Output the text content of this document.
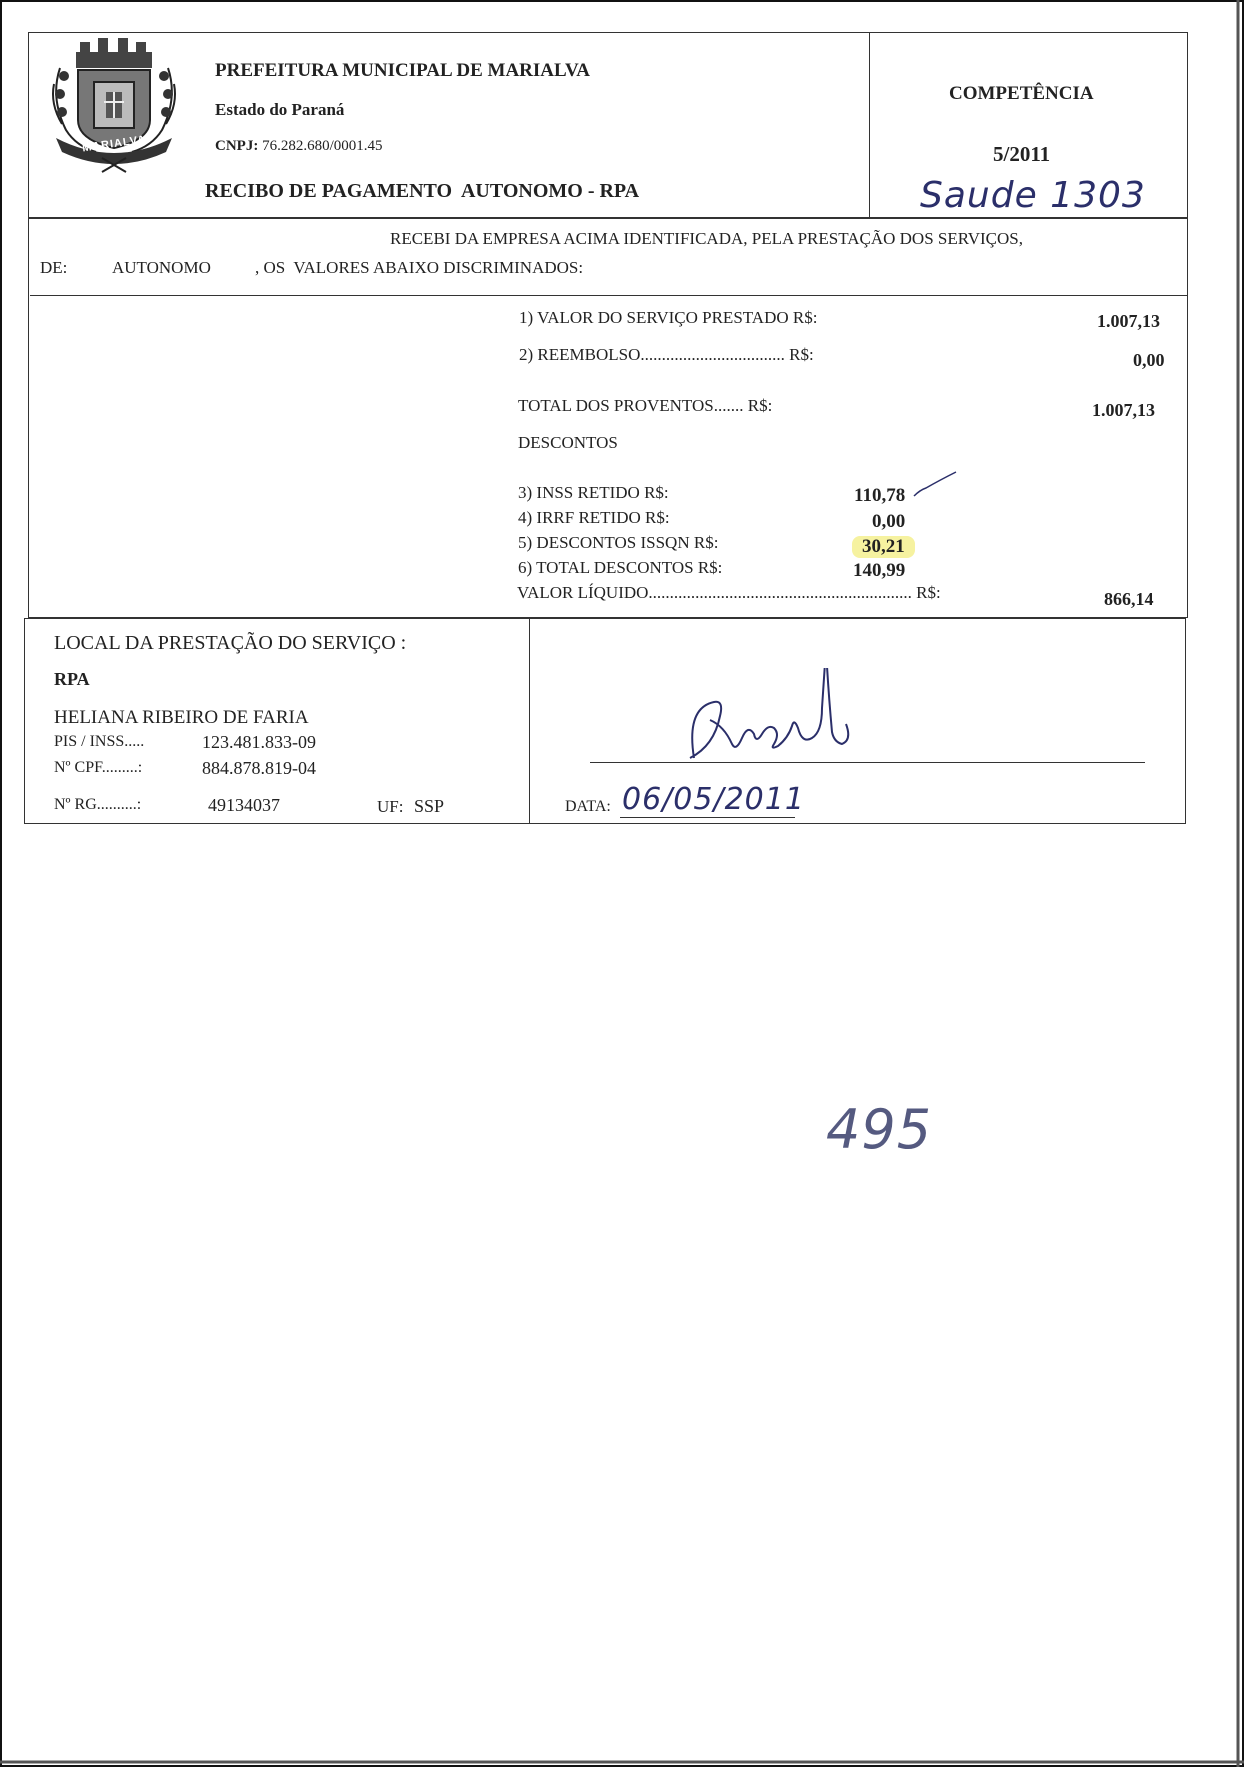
MARIALVA
PREFEITURA MUNICIPAL DE MARIALVA
Estado do Paraná
CNPJ: 76.282.680/0001.45
RECIBO DE PAGAMENTO  AUTONOMO - RPA
COMPETÊNCIA
5/2011
Saude 1303
RECEBI DA EMPRESA ACIMA IDENTIFICADA, PELA PRESTAÇÃO DOS SERVIÇOS,
DE:	AUTONOMO	, OS  VALORES ABAIXO DISCRIMINADOS:
1) VALOR DO SERVIÇO PRESTADO R$:	1.007,13
2) REEMBOLSO.................................. R$:	0,00
TOTAL DOS PROVENTOS....... R$:	1.007,13
DESCONTOS
3) INSS RETIDO R$:	110,78
4) IRRF RETIDO R$:	0,00
5) DESCONTOS ISSQN R$:	30,21
6) TOTAL DESCONTOS R$:	140,99
VALOR LÍQUIDO.............................................................. R$:	866,14
LOCAL DA PRESTAÇÃO DO SERVIÇO :
RPA
HELIANA RIBEIRO DE FARIA
PIS / INSS.....	123.481.833-09
Nº CPF.........:	884.878.819-04
Nº RG..........:	49134037	UF: SSP	DATA: 06/05/2011
495
